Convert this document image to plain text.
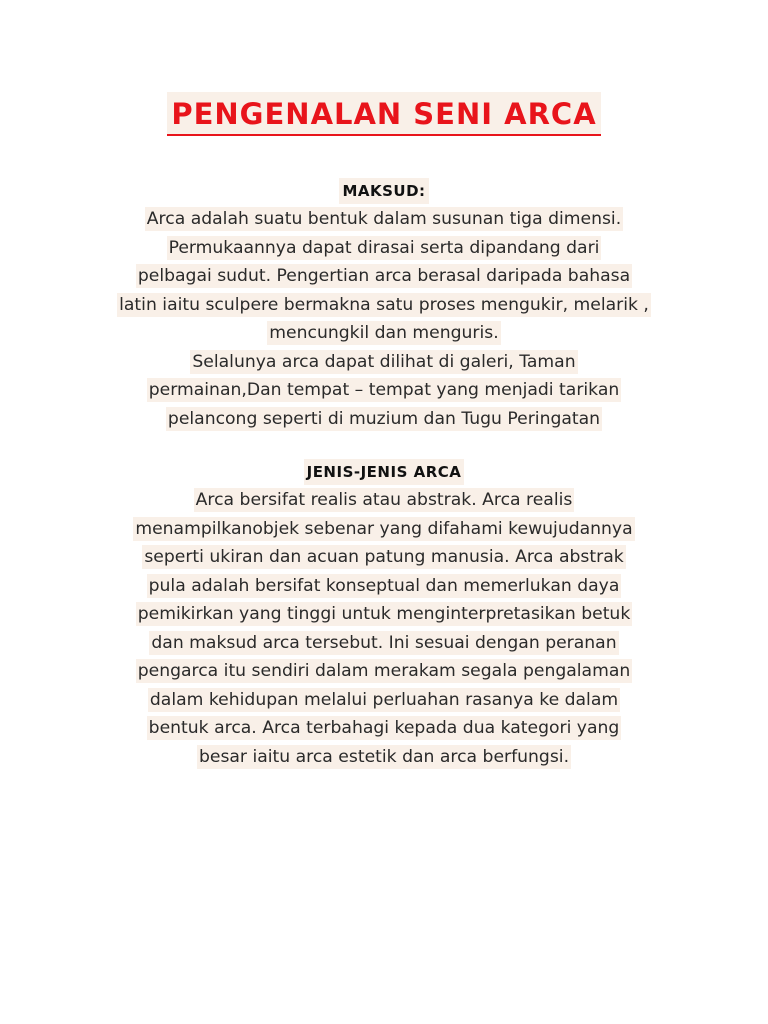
PENGENALAN SENI ARCA
MAKSUD:

Arca adalah suatu bentuk dalam susunan tiga dimensi.
Permukaannya dapat dirasai serta dipandang dari
pelbagai sudut. Pengertian arca berasal daripada bahasa
latin iaitu sculpere bermakna satu proses mengukir, melarik ,
mencungkil dan menguris.
Selalunya arca dapat dilihat di galeri, Taman
permainan,Dan tempat – tempat yang menjadi tarikan
pelancong seperti di muzium dan Tugu Peringatan

JENIS-JENIS ARCA

Arca bersifat realis atau abstrak. Arca realis
menampilkanobjek sebenar yang difahami kewujudannya
seperti ukiran dan acuan patung manusia. Arca abstrak
pula adalah bersifat konseptual dan memerlukan daya
pemikirkan yang tinggi untuk menginterpretasikan betuk
dan maksud arca tersebut. Ini sesuai dengan peranan
pengarca itu sendiri dalam merakam segala pengalaman
dalam kehidupan melalui perluahan rasanya ke dalam
bentuk arca. Arca terbahagi kepada dua kategori yang
besar iaitu arca estetik dan arca berfungsi.
